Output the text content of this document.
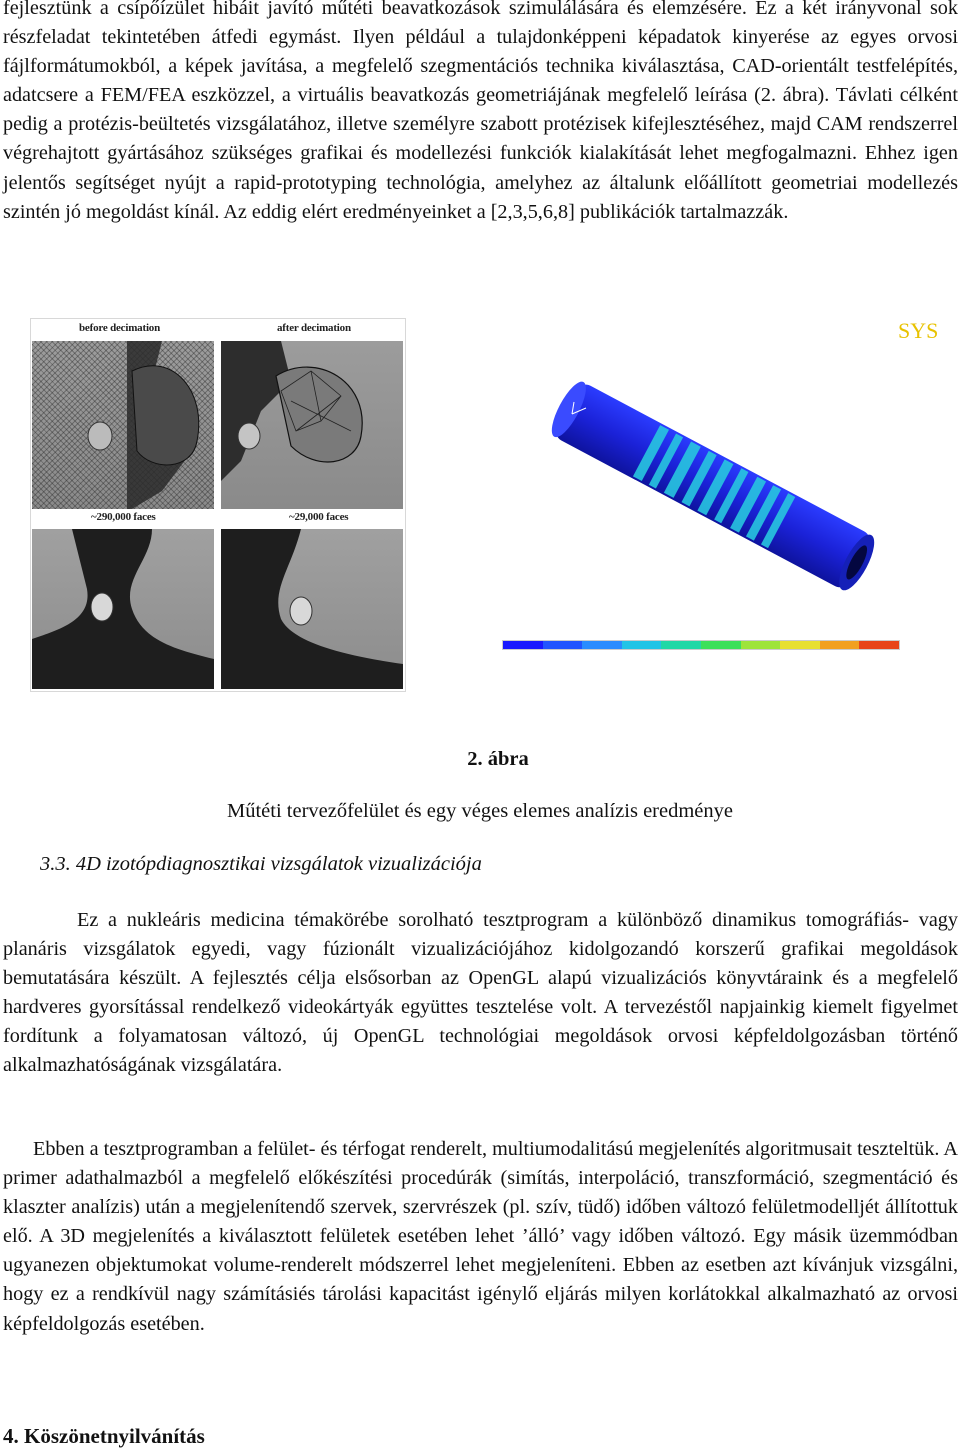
fejlesztünk a csípőízület hibáit javító műtéti beavatkozások szimulálására és elemzésére. Ez a két irányvonal sok részfeladat tekintetében átfedi egymást. Ilyen például a tulajdonképpeni képadatok kinyerése az egyes orvosi fájlformátumokból, a képek javítása, a megfelelő szegmentációs technika kiválasztása, CAD-orientált testfelépítés, adatcsere a FEM/FEA eszközzel, a virtuális beavatkozás geometriájának megfelelő leírása (2. ábra). Távlati célként pedig a protézis-beültetés vizsgálatához, illetve személyre szabott protézisek kifejlesztéséhez, majd CAM rendszerrel végrehajtott gyártásához szükséges grafikai és modellezési funkciók kialakítását lehet megfogalmazni. Ehhez igen jelentős segítséget nyújt a rapid-prototyping technológia, amelyhez az általunk előállított geometriai modellezés szintén jó megoldást kínál. Az eddig elért eredményeinket a [2,3,5,6,8] publikációk tartalmazzák.

before decimation	after decimation
~290,000 faces	~29,000 faces
SYS
2. ábra
Műtéti tervezőfelület és egy véges elemes analízis eredménye
3.3. 4D izotópdiagnosztikai vizsgálatok vizualizációja

Ez a nukleáris medicina témakörébe sorolható tesztprogram a különböző dinamikus tomográfiás- vagy planáris vizsgálatok egyedi, vagy fúzionált vizualizációjához kidolgozandó korszerű grafikai megoldások bemutatására készült. A fejlesztés célja elsősorban az OpenGL alapú vizualizációs könyvtáraink és a megfelelő hardveres gyorsítással rendelkező videokártyák együttes tesztelése volt. A tervezéstől napjainkig kiemelt figyelmet fordítunk a folyamatosan változó, új OpenGL technológiai megoldások orvosi képfeldolgozásban történő alkalmazhatóságának vizsgálatára.

Ebben a tesztprogramban a felület- és térfogat renderelt, multiumodalitású megjelenítés algoritmusait teszteltük. A primer adathalmazból a megfelelő előkészítési procedúrák (simítás, interpoláció, transzformáció, szegmentáció és klaszter analízis) után a megjelenítendő szervek, szervrészek (pl. szív, tüdő) időben változó felületmodelljét állítottuk elő. A 3D megjelenítés a kiválasztott felületek esetében lehet ’álló’ vagy időben változó. Egy másik üzemmódban ugyanezen objektumokat volume-renderelt módszerrel lehet megjeleníteni. Ebben az esetben azt kívánjuk vizsgálni, hogy ez a rendkívül nagy számításiés tárolási kapacitást igénylő eljárás milyen korlátokkal alkalmazható az orvosi képfeldolgozás esetében.

4. Köszönetnyilvánítás
